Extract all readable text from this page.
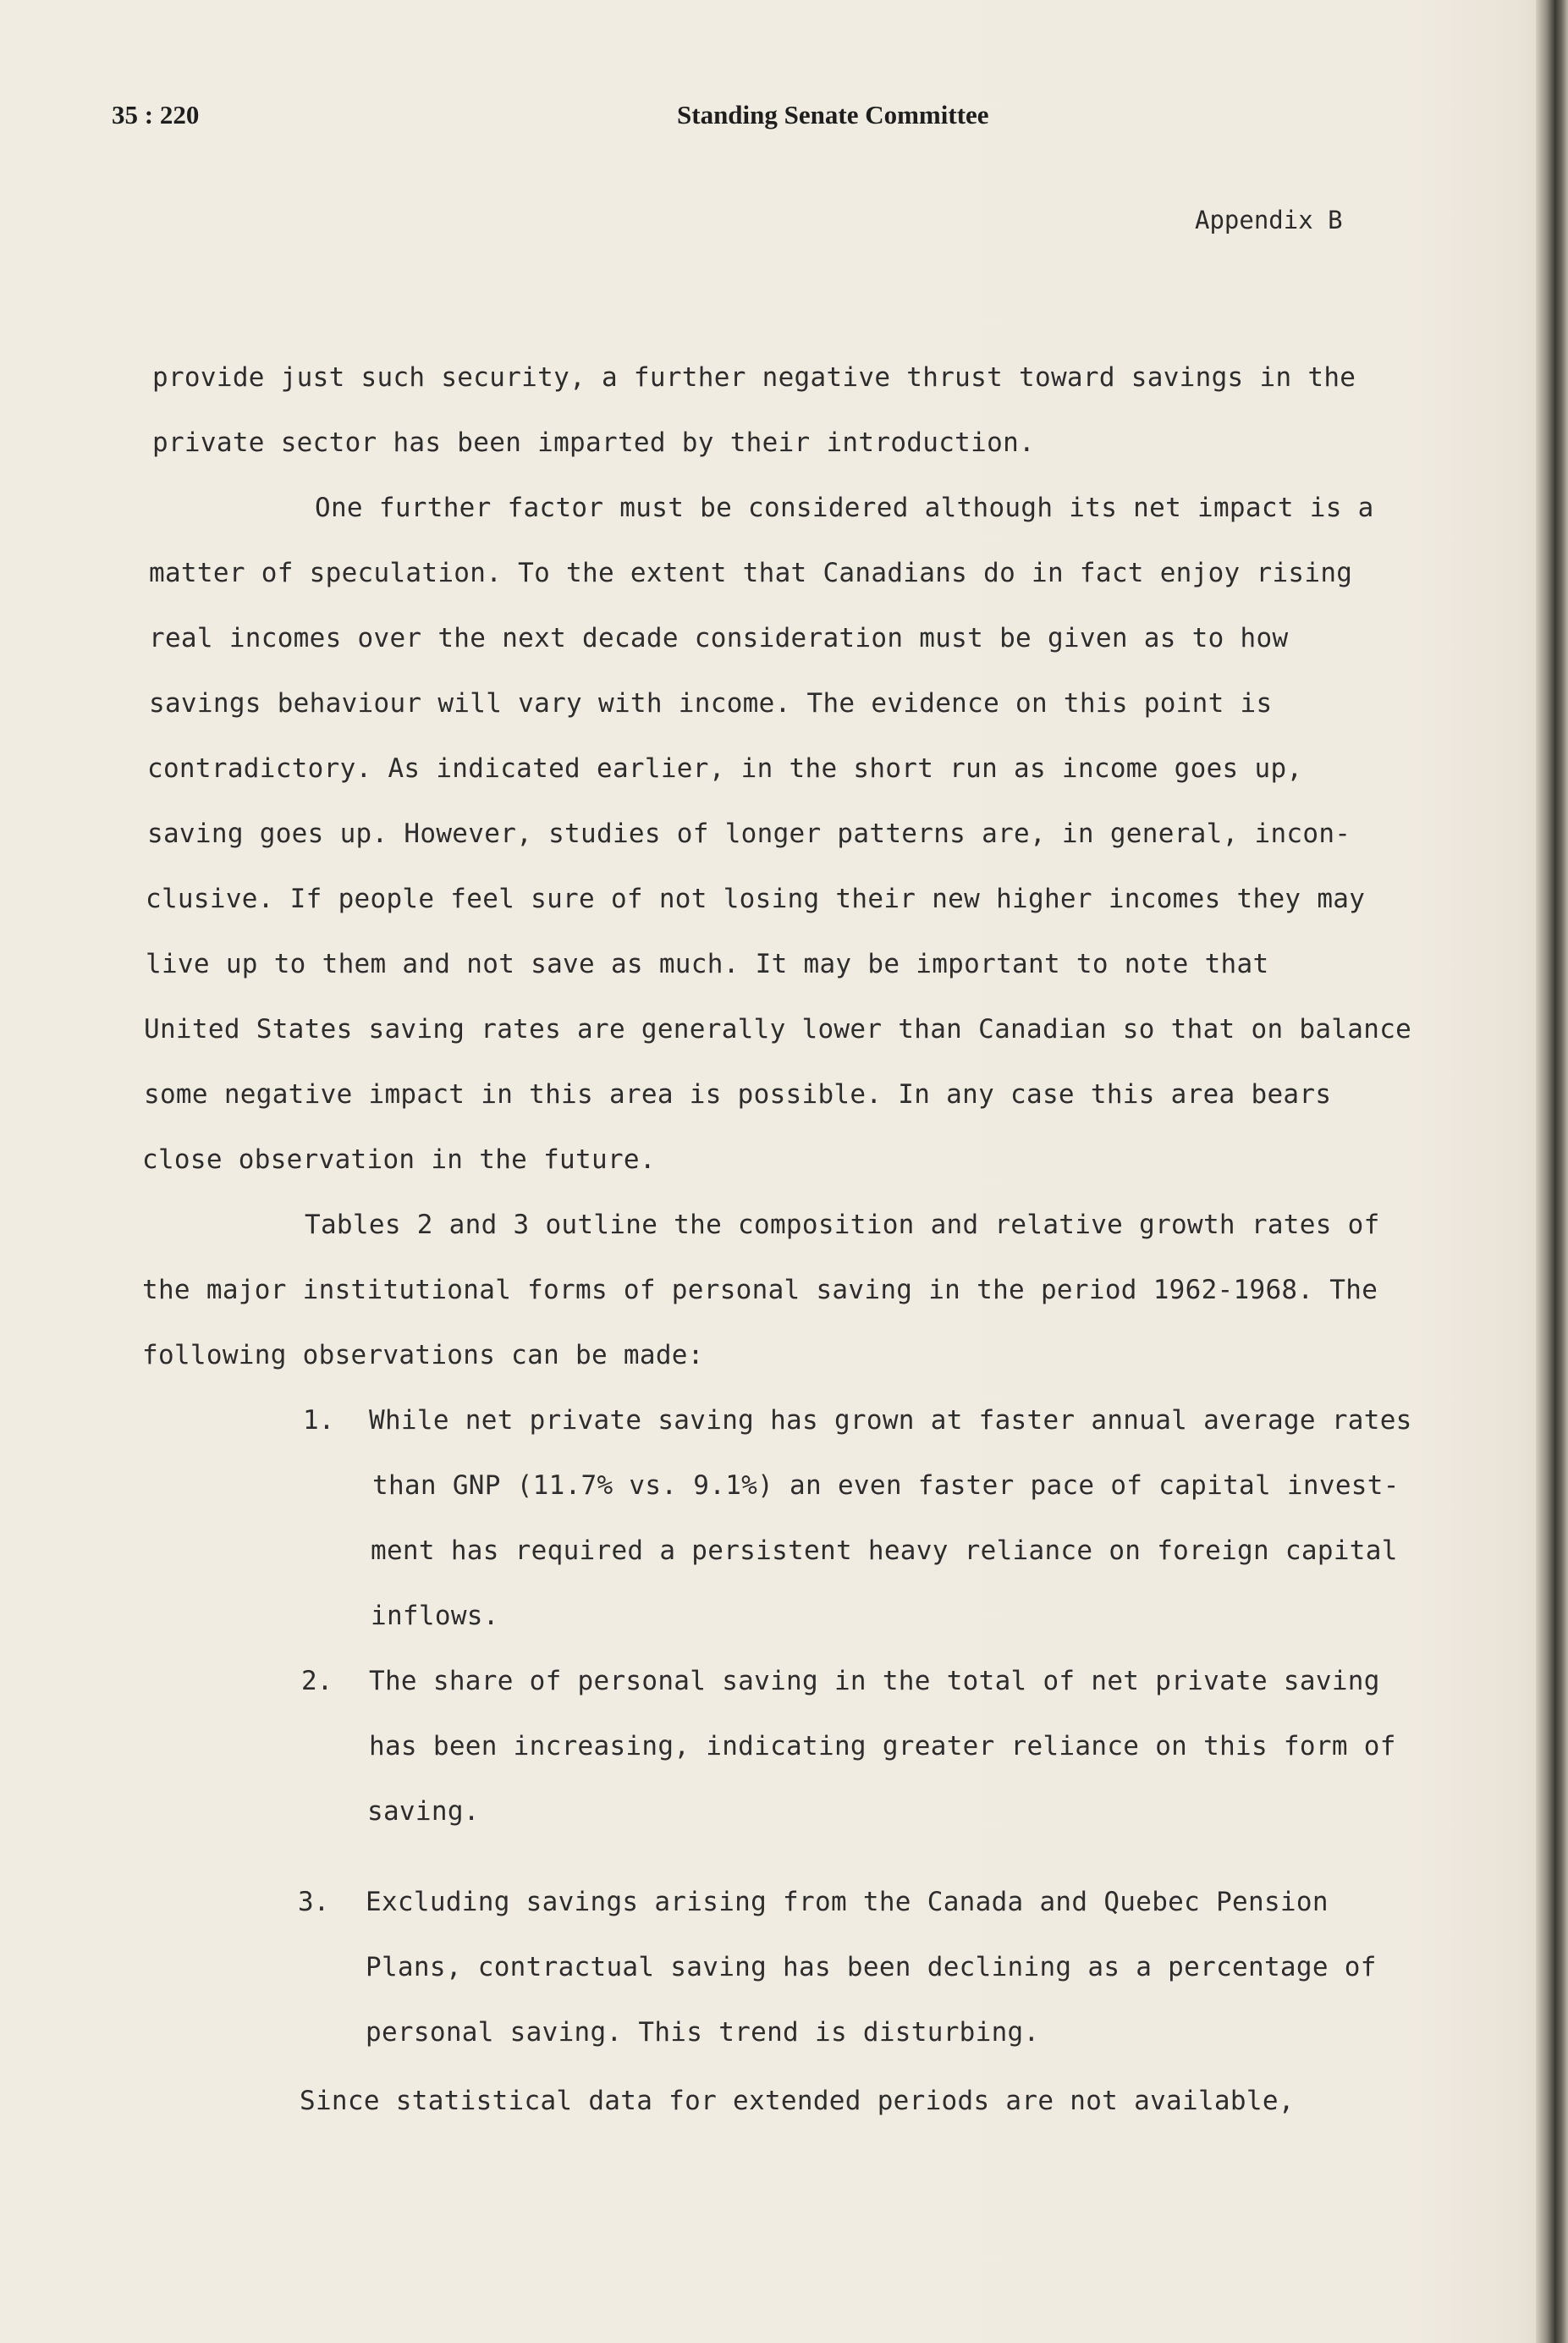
35 : 220	Standing Senate Committee
Appendix B
provide just such security, a further negative thrust toward savings in the
private sector has been imparted by their introduction.
One further factor must be considered although its net impact is a
matter of speculation. To the extent that Canadians do in fact enjoy rising
real incomes over the next decade consideration must be given as to how
savings behaviour will vary with income. The evidence on this point is
contradictory. As indicated earlier, in the short run as income goes up,
saving goes up. However, studies of longer patterns are, in general, incon-
clusive. If people feel sure of not losing their new higher incomes they may
live up to them and not save as much. It may be important to note that
United States saving rates are generally lower than Canadian so that on balance
some negative impact in this area is possible. In any case this area bears
close observation in the future.
Tables 2 and 3 outline the composition and relative growth rates of
the major institutional forms of personal saving in the period 1962-1968. The
following observations can be made:
1. While net private saving has grown at faster annual average rates
than GNP (11.7% vs. 9.1%) an even faster pace of capital invest-
ment has required a persistent heavy reliance on foreign capital
inflows.
2. The share of personal saving in the total of net private saving
has been increasing, indicating greater reliance on this form of
saving.
3. Excluding savings arising from the Canada and Quebec Pension
Plans, contractual saving has been declining as a percentage of
personal saving. This trend is disturbing.
Since statistical data for extended periods are not available,
